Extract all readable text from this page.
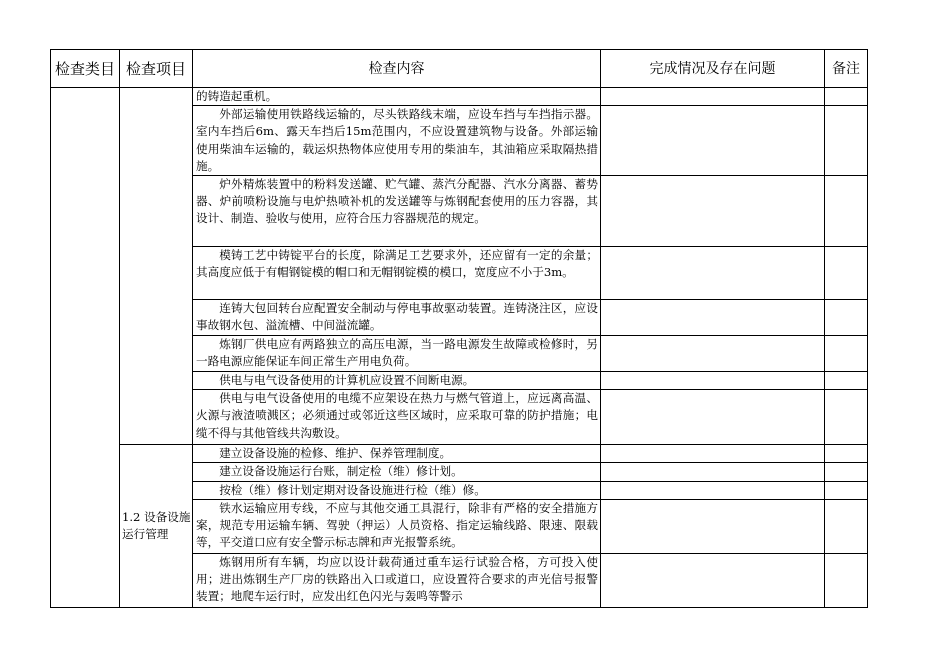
检查类目	检查项目	检查内容	完成情况及存在问题	备注

		的铸造起重机。		

		外部运输使用铁路线运输的，尽头铁路线末端，应设车挡与车挡指示器。室内车挡后6m、露天车挡后15m范围内，不应设置建筑物与设备。外部运输使用柴油车运输的，载运炽热物体应使用专用的柴油车，其油箱应采取隔热措施。		

		炉外精炼装置中的粉料发送罐、贮气罐、蒸汽分配器、汽水分离器、蓄势器、炉前喷粉设施与电炉热喷补机的发送罐等与炼钢配套使用的压力容器，其设计、制造、验收与使用，应符合压力容器规范的规定。		

		模铸工艺中铸锭平台的长度，除满足工艺要求外，还应留有一定的余量；其高度应低于有帽钢锭模的帽口和无帽钢锭模的模口，宽度应不小于3m。		

		连铸大包回转台应配置安全制动与停电事故驱动装置。连铸浇注区，应设事故钢水包、溢流槽、中间溢流罐。		

		炼钢厂供电应有两路独立的高压电源，当一路电源发生故障或检修时，另一路电源应能保证车间正常生产用电负荷。		

		供电与电气设备使用的计算机应设置不间断电源。		

		供电与电气设备使用的电缆不应架设在热力与燃气管道上，应远离高温、火源与液渣喷溅区；必须通过或邻近这些区域时，应采取可靠的防护措施；电缆不得与其他管线共沟敷设。		

	1.2 设备设施运行管理	建立设备设施的检修、维护、保养管理制度。		

		建立设备设施运行台账，制定检（维）修计划。		

		按检（维）修计划定期对设备设施进行检（维）修。		

		铁水运输应用专线，不应与其他交通工具混行，除非有严格的安全措施方案，规范专用运输车辆、驾驶（押运）人员资格、指定运输线路、限速、限载等，平交道口应有安全警示标志牌和声光报警系统。		

		炼钢用所有车辆，均应以设计载荷通过重车运行试验合格，方可投入使用；进出炼钢生产厂房的铁路出入口或道口，应设置符合要求的声光信号报警装置；地爬车运行时，应发出红色闪光与轰鸣等警示		
